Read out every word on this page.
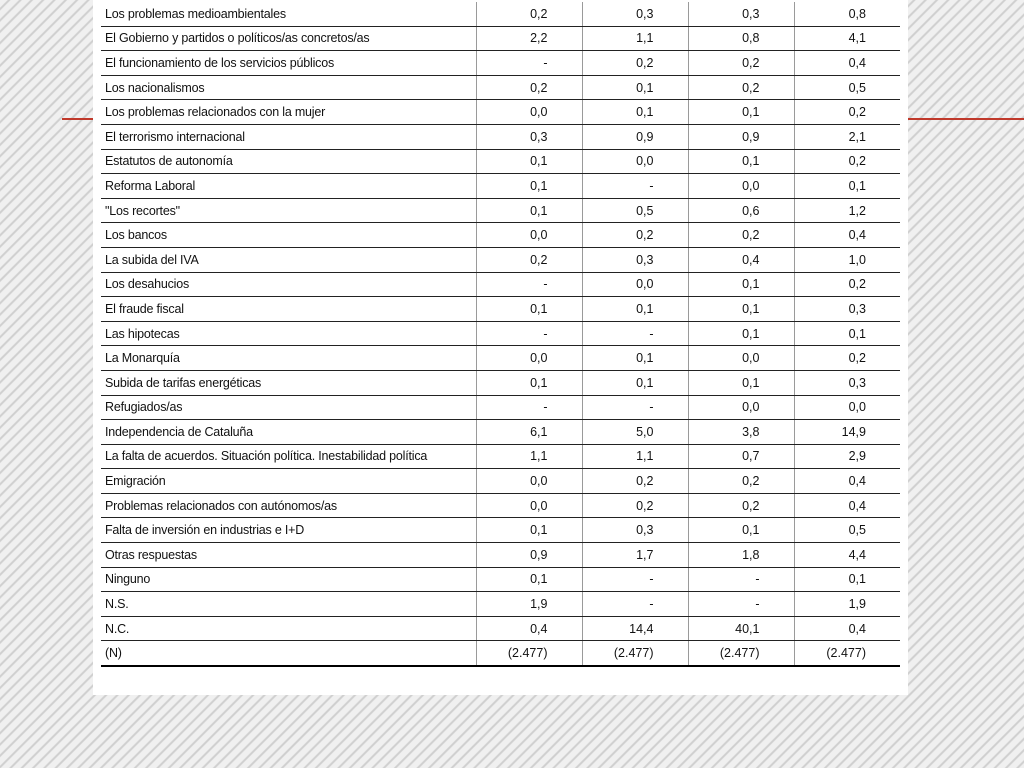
Los problemas medioambientales	0,2	0,3	0,3	0,8
El Gobierno y partidos o políticos/as concretos/as	2,2	1,1	0,8	4,1
El funcionamiento de los servicios públicos	-	0,2	0,2	0,4
Los nacionalismos	0,2	0,1	0,2	0,5
Los problemas relacionados con la mujer	0,0	0,1	0,1	0,2
El terrorismo internacional	0,3	0,9	0,9	2,1
Estatutos de autonomía	0,1	0,0	0,1	0,2
Reforma Laboral	0,1	-	0,0	0,1
"Los recortes"	0,1	0,5	0,6	1,2
Los bancos	0,0	0,2	0,2	0,4
La subida del IVA	0,2	0,3	0,4	1,0
Los desahucios	-	0,0	0,1	0,2
El fraude fiscal	0,1	0,1	0,1	0,3
Las hipotecas	-	-	0,1	0,1
La Monarquía	0,0	0,1	0,0	0,2
Subida de tarifas energéticas	0,1	0,1	0,1	0,3
Refugiados/as	-	-	0,0	0,0
Independencia de Cataluña	6,1	5,0	3,8	14,9
La falta de acuerdos. Situación política. Inestabilidad política	1,1	1,1	0,7	2,9
Emigración	0,0	0,2	0,2	0,4
Problemas relacionados con autónomos/as	0,0	0,2	0,2	0,4
Falta de inversión en industrias e I+D	0,1	0,3	0,1	0,5
Otras respuestas	0,9	1,7	1,8	4,4
Ninguno	0,1	-	-	0,1
N.S.	1,9	-	-	1,9
N.C.	0,4	14,4	40,1	0,4
(N)	(2.477)	(2.477)	(2.477)	(2.477)
